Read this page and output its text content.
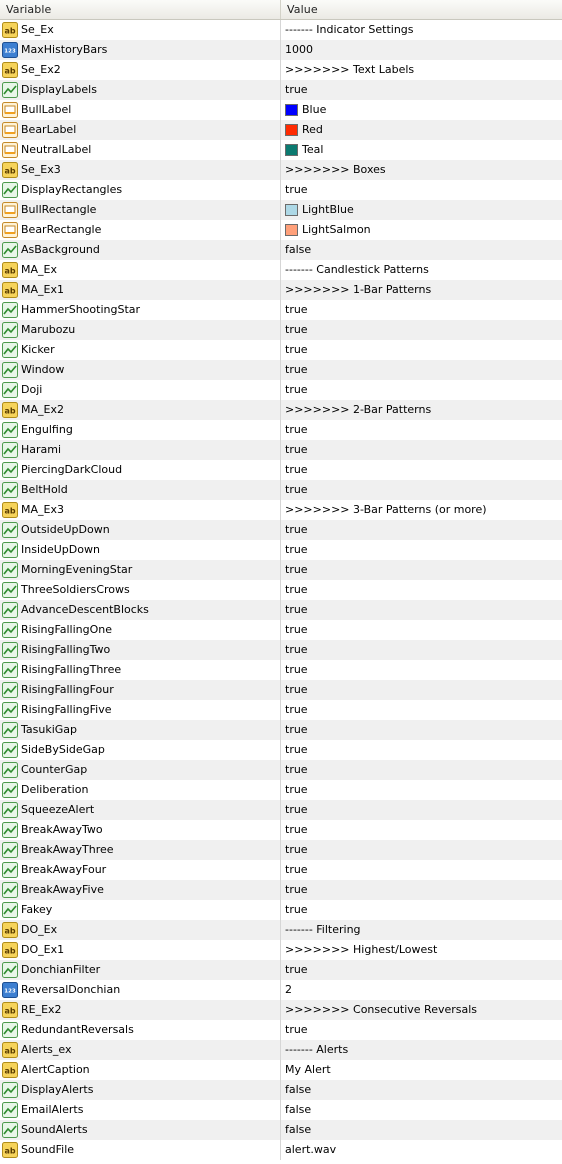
Variable	Value
ab Se_Ex	------- Indicator Settings
123 MaxHistoryBars	1000
ab Se_Ex2	>>>>>>> Text Labels
DisplayLabels	true
BullLabel	Blue
BearLabel	Red
NeutralLabel	Teal
ab Se_Ex3	>>>>>>> Boxes
DisplayRectangles	true
BullRectangle	LightBlue
BearRectangle	LightSalmon
AsBackground	false
ab MA_Ex	------- Candlestick Patterns
ab MA_Ex1	>>>>>>> 1-Bar Patterns
HammerShootingStar	true
Marubozu	true
Kicker	true
Window	true
Doji	true
ab MA_Ex2	>>>>>>> 2-Bar Patterns
Engulfing	true
Harami	true
PiercingDarkCloud	true
BeltHold	true
ab MA_Ex3	>>>>>>> 3-Bar Patterns (or more)
OutsideUpDown	true
InsideUpDown	true
MorningEveningStar	true
ThreeSoldiersCrows	true
AdvanceDescentBlocks	true
RisingFallingOne	true
RisingFallingTwo	true
RisingFallingThree	true
RisingFallingFour	true
RisingFallingFive	true
TasukiGap	true
SideBySideGap	true
CounterGap	true
Deliberation	true
SqueezeAlert	true
BreakAwayTwo	true
BreakAwayThree	true
BreakAwayFour	true
BreakAwayFive	true
Fakey	true
ab DO_Ex	------- Filtering
ab DO_Ex1	>>>>>>> Highest/Lowest
DonchianFilter	true
123 ReversalDonchian	2
ab RE_Ex2	>>>>>>> Consecutive Reversals
RedundantReversals	true
ab Alerts_ex	------- Alerts
ab AlertCaption	My Alert
DisplayAlerts	false
EmailAlerts	false
SoundAlerts	false
ab SoundFile	alert.wav
